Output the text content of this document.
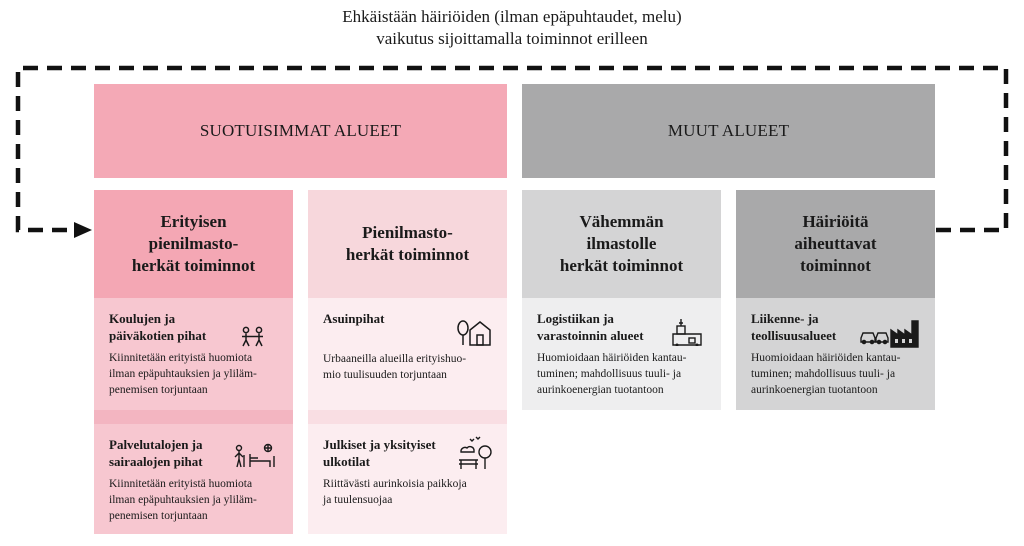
Ehkäistään häiriöiden (ilman epäpuhtaudet, melu)
vaikutus sijoittamalla toiminnot erilleen
SUOTUISIMMAT ALUEET	MUUT ALUEET
Erityisen
pienilmasto-
herkät toiminnot
Koulujen ja
päiväkotien pihat
Kiinnitetään erityistä huomiota
ilman epäpuhtauksien ja yliläm-
penemisen torjuntaan
Palvelutalojen ja
sairaalojen pihat
Kiinnitetään erityistä huomiota
ilman epäpuhtauksien ja yliläm-
penemisen torjuntaan
Pienilmasto-
herkät toiminnot
Asuinpihat
Urbaaneilla alueilla erityishuo-
mio tuulisuuden torjuntaan
Julkiset ja yksityiset
ulkotilat
Riittävästi aurinkoisia paikkoja
ja tuulensuojaa
Vähemmän
ilmastolle
herkät toiminnot
Logistiikan ja
varastoinnin alueet
Huomioidaan häiriöiden kantau-
tuminen; mahdollisuus tuuli- ja
aurinkoenergian tuotantoon
Häiriöitä
aiheuttavat
toiminnot
Liikenne- ja
teollisuusalueet
Huomioidaan häiriöiden kantau-
tuminen; mahdollisuus tuuli- ja
aurinkoenergian tuotantoon
